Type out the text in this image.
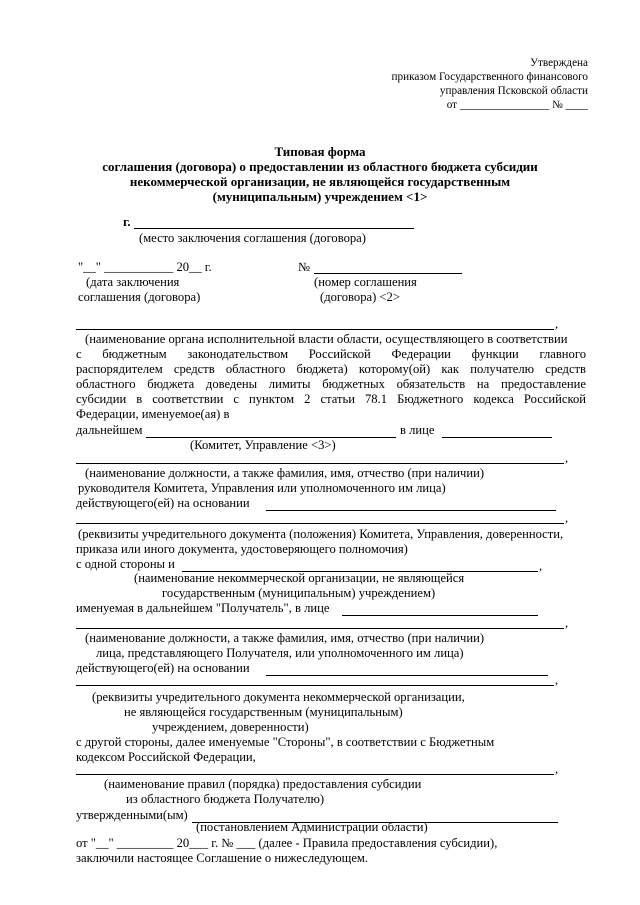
Утверждена
приказом Государственного финансового
управления Псковской области
от ________________ № ____
Типовая форма
соглашения (договора) о предоставлении из областного бюджета субсидии
некоммерческой организации, не являющейся государственным
(муниципальным) учреждением <1>
г.
(место заключения соглашения (договора)
"__" ___________ 20__ г.
(дата заключения
соглашения (договора)
№
(номер соглашения
(договора) <2>
,
(наименование органа исполнительной власти области, осуществляющего в соответствии
с бюджетным законодательством Российской Федерации функции главного
распорядителем средств областного бюджета) которому(ой) как получателю средств
областного бюджета доведены лимиты бюджетных обязательств на предоставление
субсидии в соответствии с пунктом 2 статьи 78.1 Бюджетного кодекса Российской
Федерации, именуемое(ая) в
дальнейшем	в лице
(Комитет, Управление <3>)
,
(наименование должности, а также фамилия, имя, отчество (при наличии)
руководителя Комитета, Управления или уполномоченного им лица)
действующего(ей) на основании
,
(реквизиты учредительного документа (положения) Комитета, Управления, доверенности,
приказа или иного документа, удостоверяющего полномочия)
с одной стороны и	,
(наименование некоммерческой организации, не являющейся
государственным (муниципальным) учреждением)
именуемая в дальнейшем "Получатель", в лице
,
(наименование должности, а также фамилия, имя, отчество (при наличии)
лица, представляющего Получателя, или уполномоченного им лица)
действующего(ей) на основании
,
(реквизиты учредительного документа некоммерческой организации,
не являющейся государственным (муниципальным)
учреждением, доверенности)
с другой стороны, далее именуемые "Стороны", в соответствии с Бюджетным
кодексом Российской Федерации,
,
(наименование правил (порядка) предоставления субсидии
из областного бюджета Получателю)
утвержденными(ым)
(постановлением Администрации области)
от "__" _________ 20___ г. № ___ (далее - Правила предоставления субсидии),
заключили настоящее Соглашение о нижеследующем.
